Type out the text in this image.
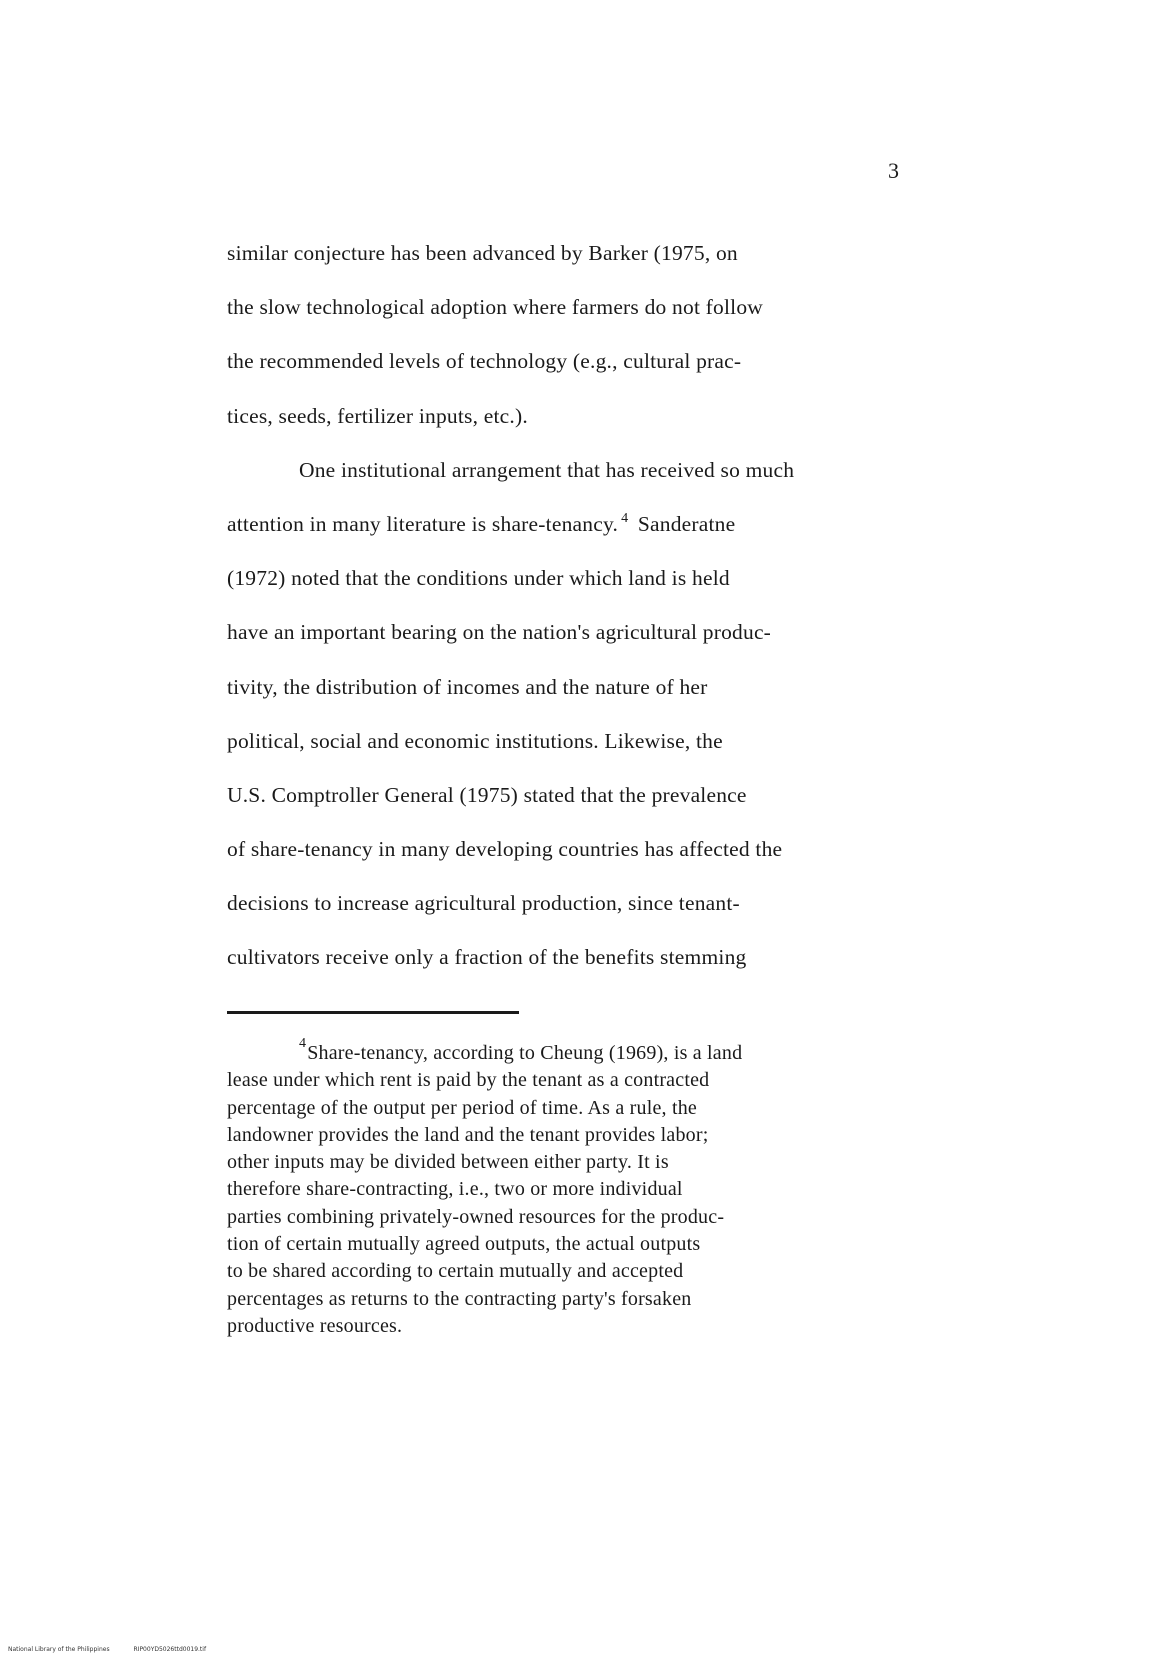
3
similar conjecture has been advanced by Barker (1975, on
the slow technological adoption where farmers do not follow
the recommended levels of technology (e.g., cultural prac-
tices, seeds, fertilizer inputs, etc.).
One institutional arrangement that has received so much
attention in many literature is share-tenancy. $^4$ Sanderatne
(1972) noted that the conditions under which land is held
have an important bearing on the nation's agricultural produc-
tivity, the distribution of incomes and the nature of her
political, social and economic institutions. Likewise, the
U.S. Comptroller General (1975) stated that the prevalence
of share-tenancy in many developing countries has affected the
decisions to increase agricultural production, since tenant-
cultivators receive only a fraction of the benefits stemming
$^4$Share-tenancy, according to Cheung (1969), is a land
lease under which rent is paid by the tenant as a contracted
percentage of the output per period of time. As a rule, the
landowner provides the land and the tenant provides labor;
other inputs may be divided between either party. It is
therefore share-contracting, i.e., two or more individual
parties combining privately-owned resources for the produc-
tion of certain mutually agreed outputs, the actual outputs
to be shared according to certain mutually and accepted
percentages as returns to the contracting party's forsaken
productive resources.
National Library of the Philippines	RIP00YD5026ttd0019.tif
